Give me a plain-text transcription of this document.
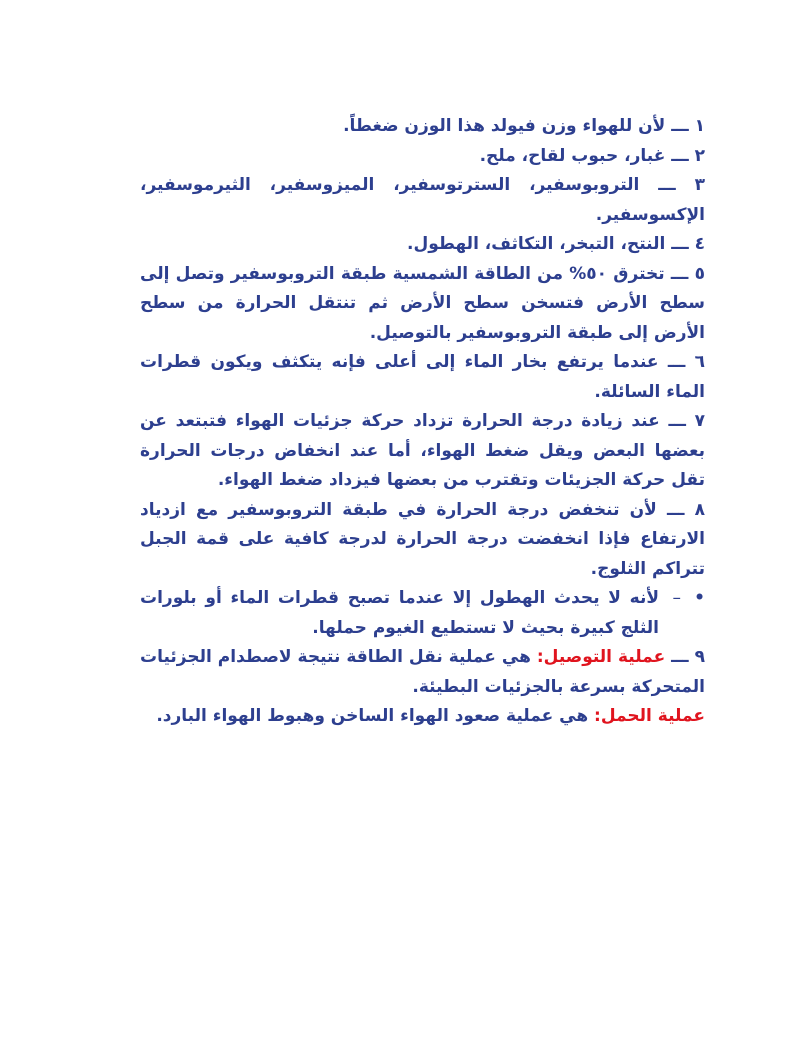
١ ـــ لأن للهواء وزن فيولد هذا الوزن ضغطاً.

٢ ـــ غبار، حبوب لقاح، ملح.

٣ ـــ التروبوسفير، السترتوسفير، الميزوسفير، الثيرموسفير، الإكسوسفير.

٤ ـــ النتح، التبخر، التكاثف، الهطول.

٥ ـــ تخترق ٥٠% من الطاقة الشمسية طبقة التروبوسفير وتصل إلى سطح الأرض فتسخن سطح الأرض ثم تنتقل الحرارة من سطح الأرض إلى طبقة التروبوسفير بالتوصيل.

٦ ـــ عندما يرتفع بخار الماء إلى أعلى فإنه يتكثف ويكون قطرات الماء السائلة.

٧ ـــ عند زيادة درجة الحرارة تزداد حركة جزئيات الهواء فتبتعد عن بعضها البعض ويقل ضغط الهواء، أما عند انخفاض درجات الحرارة تقل حركة الجزيئات وتقترب من بعضها فيزداد ضغط الهواء.

٨ ـــ لأن تنخفض درجة الحرارة في طبقة التروبوسفير مع ازدياد الارتفاع فإذا انخفضت درجة الحرارة لدرجة كافية على قمة الجبل تتراكم الثلوج.

•
–
لأنه لا يحدث الهطول إلا عندما تصبح قطرات الماء أو بلورات الثلج كبيرة بحيث لا تستطيع الغيوم حملها.

٩ ـــ عملية التوصيل: هي عملية نقل الطاقة نتيجة لاصطدام الجزئيات المتحركة بسرعة بالجزئيات البطيئة.

عملية الحمل: هي عملية صعود الهواء الساخن وهبوط الهواء البارد.
